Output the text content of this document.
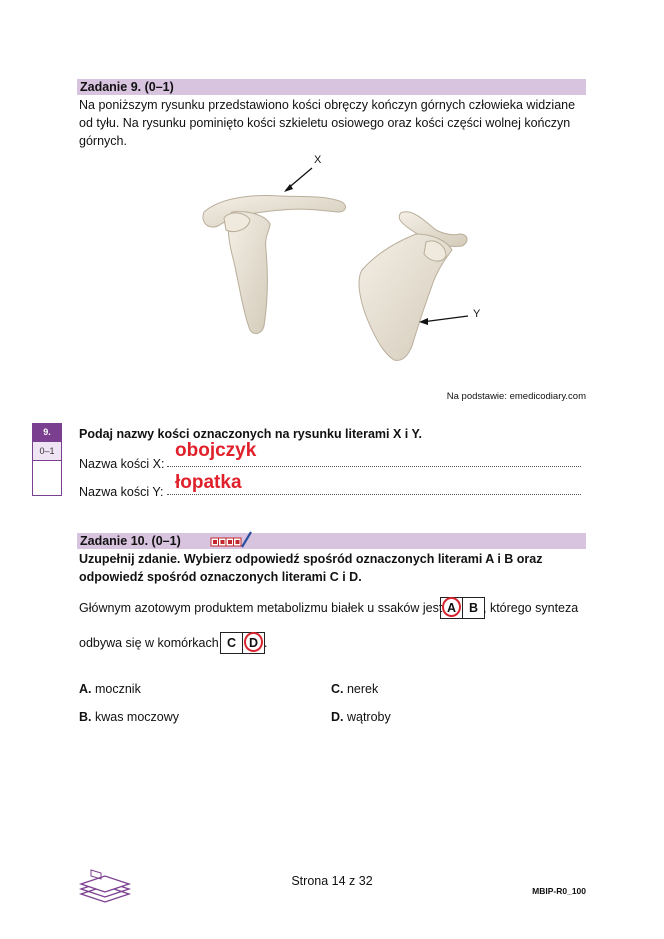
Zadanie 9. (0–1)
Na poniższym rysunku przedstawiono kości obręczy kończyn górnych człowieka widziane
od tyłu. Na rysunku pominięto kości szkieletu osiowego oraz kości części wolnej kończyn
górnych.
X
Y
Na podstawie: emedicodiary.com
9.
0–1
Podaj nazwy kości oznaczonych na rysunku literami X i Y.
Nazwa kości X:
obojczyk
Nazwa kości Y: łopatka
Zadanie 10. (0–1)
Uzupełnij zdanie. Wybierz odpowiedź spośród oznaczonych literami A i B oraz
odpowiedź spośród oznaczonych literami C i D.
Głównym azotowym produktem metabolizmu białek u ssaków jest A B , którego synteza
odbywa się w komórkach C D .
A. mocznik
B. kwas moczowy
C. nerek
D. wątroby
Strona 14 z 32
MBIP-R0_100
